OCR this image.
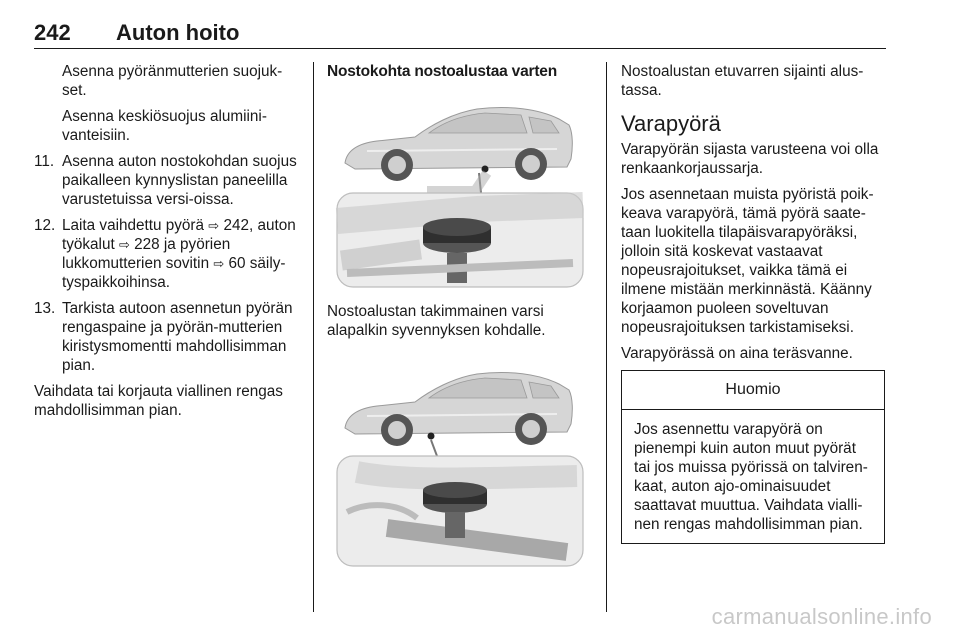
242 Auton hoito

Asenna pyöränmutterien suojuk-set.

Asenna keskiösuojus alumiini-vanteisiin.

11. Asenna auton nostokohdan suojus paikalleen kynnyslistan paneelilla varustetuissa versi-oissa.
12. Laita vaihdettu pyörä ⇨ 242, auton työkalut ⇨ 228 ja pyörien lukkomutterien sovitin ⇨ 60 säily-tyspaikkoihinsa.
13. Tarkista autoon asennetun pyörän rengaspaine ja pyörän-mutterien kiristysmomentti mahdollisimman pian.

Vaihdata tai korjauta viallinen rengas mahdollisimman pian.

Nostokohta nostoalustaa varten

Nostoalustan takimmainen varsi alapalkin syvennyksen kohdalle.

Nostoalustan etuvarren sijainti alus-tassa.

Varapyörä

Varapyörän sijasta varusteena voi olla renkaankorjaussarja.

Jos asennetaan muista pyöristä poik-keava varapyörä, tämä pyörä saate-taan luokitella tilapäisvarapyöräksi, jolloin sitä koskevat vastaavat nopeusrajoitukset, vaikka tämä ei ilmene mistään merkinnästä. Käänny korjaamon puoleen soveltuvan nopeusrajoituksen tarkistamiseksi.

Varapyörässä on aina teräsvanne.

Huomio
Jos asennettu varapyörä on pienempi kuin auton muut pyörät tai jos muissa pyörissä on talviren-kaat, auton ajo-ominaisuudet saattavat muuttua. Vaihdata vialli-nen rengas mahdollisimman pian.
carmanualsonline.info
